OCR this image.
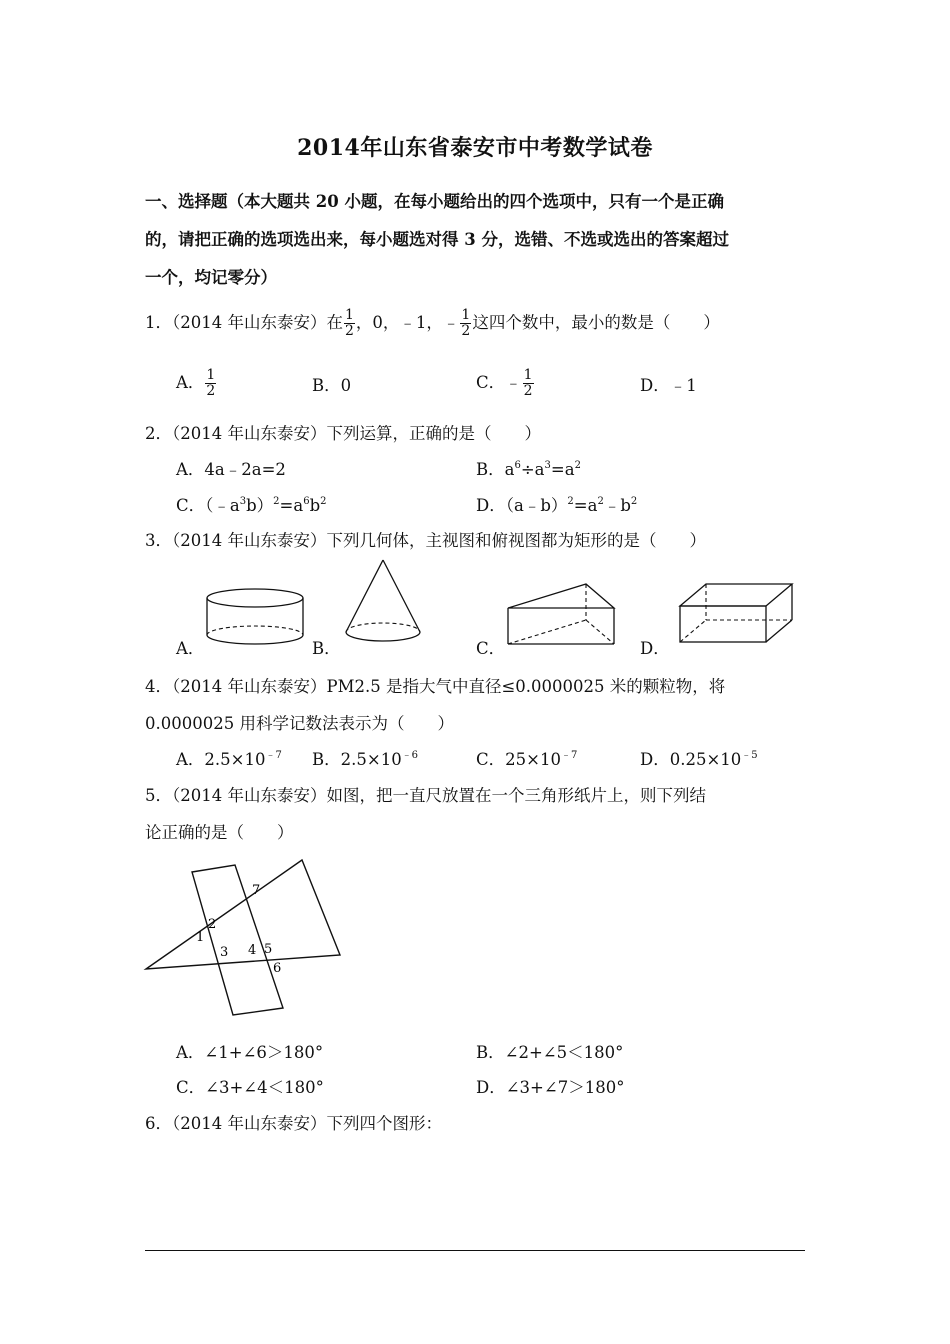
2014年山东省泰安市中考数学试卷
一、选择题（本大题共 20 小题，在每小题给出的四个选项中，只有一个是正确
的，请把正确的选项选出来，每小题选对得 3 分，选错、不选或选出的答案超过
一个，均记零分）
1．（2014 年山东泰安）在 $\frac{1}{2}$ ，0，﹣1，﹣ $\frac{1}{2}$ 这四个数中，最小的数是（　　）
A． $\frac{1}{2}$	B．0	C．﹣ $\frac{1}{2}$	D．﹣1
2．（2014 年山东泰安）下列运算，正确的是（　　）
A．4a﹣2a=2	B．$a^6\div a^3=a^2$
C．$(﹣a^3b)^2=a^6b^2$	D．$(a﹣b)^2=a^2﹣b^2$
3．（2014 年山东泰安）下列几何体，主视图和俯视图都为矩形的是（　　）
A．	B．	C．	D．
4．（2014 年山东泰安）PM2.5 是指大气中直径≤0.0000025 米的颗粒物，将
0.0000025 用科学记数法表示为（　　）
A．$2.5\times 10^{﹣7}$ B．$2.5\times 10^{﹣6}$	C．$25\times 10^{﹣7}$	D．$0.25\times 10^{﹣5}$
5．（2014 年山东泰安）如图，把一直尺放置在一个三角形纸片上，则下列结
论正确的是（　　）
1
2
3 4 5
6
7
A．∠1+∠6＞180°	B．∠2+∠5＜180°
C．∠3+∠4＜180°	D．∠3+∠7＞180°
6．（2014 年山东泰安）下列四个图形：
